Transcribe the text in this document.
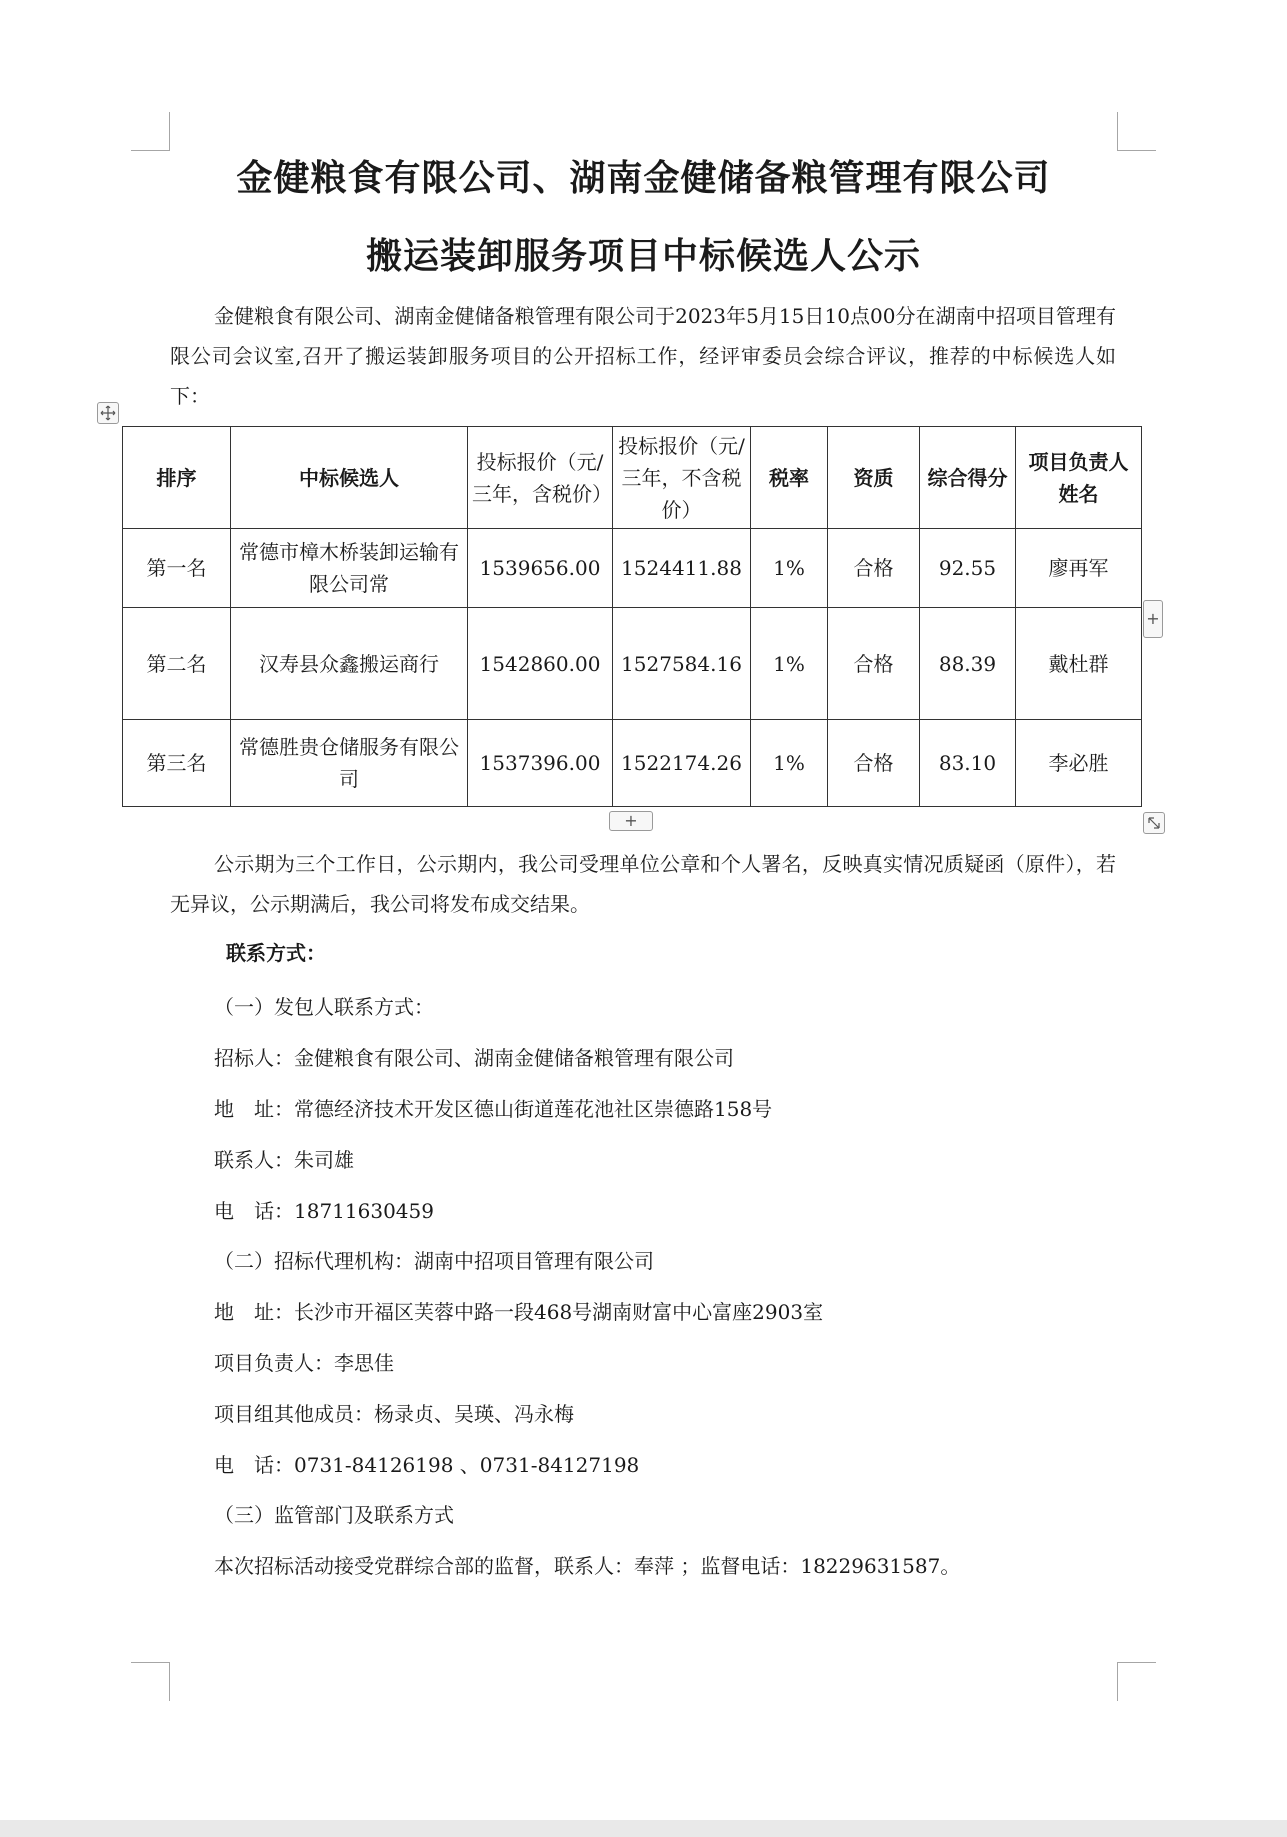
金健粮食有限公司、湖南金健储备粮管理有限公司
搬运装卸服务项目中标候选人公示

金健粮食有限公司、湖南金健储备粮管理有限公司于2023年5月15日10点00分在湖南中招项目管理有限公司会议室,召开了搬运装卸服务项目的公开招标工作，经评审委员会综合评议，推荐的中标候选人如下：

排序	中标候选人	投标报价（元/三年，含税价）	投标报价（元/三年，不含税价）	税率	资质	综合得分	项目负责人姓名
第一名	常德市樟木桥装卸运输有限公司常	1539656.00	1524411.88	1%	合格	92.55	廖再军
第二名	汉寿县众鑫搬运商行	1542860.00	1527584.16	1%	合格	88.39	戴杜群
第三名	常德胜贵仓储服务有限公司	1537396.00	1522174.26	1%	合格	83.10	李必胜
+
+

公示期为三个工作日，公示期内，我公司受理单位公章和个人署名，反映真实情况质疑函（原件），若无异议，公示期满后，我公司将发布成交结果。

联系方式：
（一）发包人联系方式：
招标人：金健粮食有限公司、湖南金健储备粮管理有限公司
地　址：常德经济技术开发区德山街道莲花池社区崇德路158号
联系人：朱司雄
电　话：18711630459
（二）招标代理机构：湖南中招项目管理有限公司
地　址：长沙市开福区芙蓉中路一段468号湖南财富中心富座2903室
项目负责人：李思佳
项目组其他成员：杨录贞、吴瑛、冯永梅
电　话：0731-84126198 、0731-84127198
（三）监管部门及联系方式
本次招标活动接受党群综合部的监督，联系人：奉萍 ；监督电话：18229631587。
